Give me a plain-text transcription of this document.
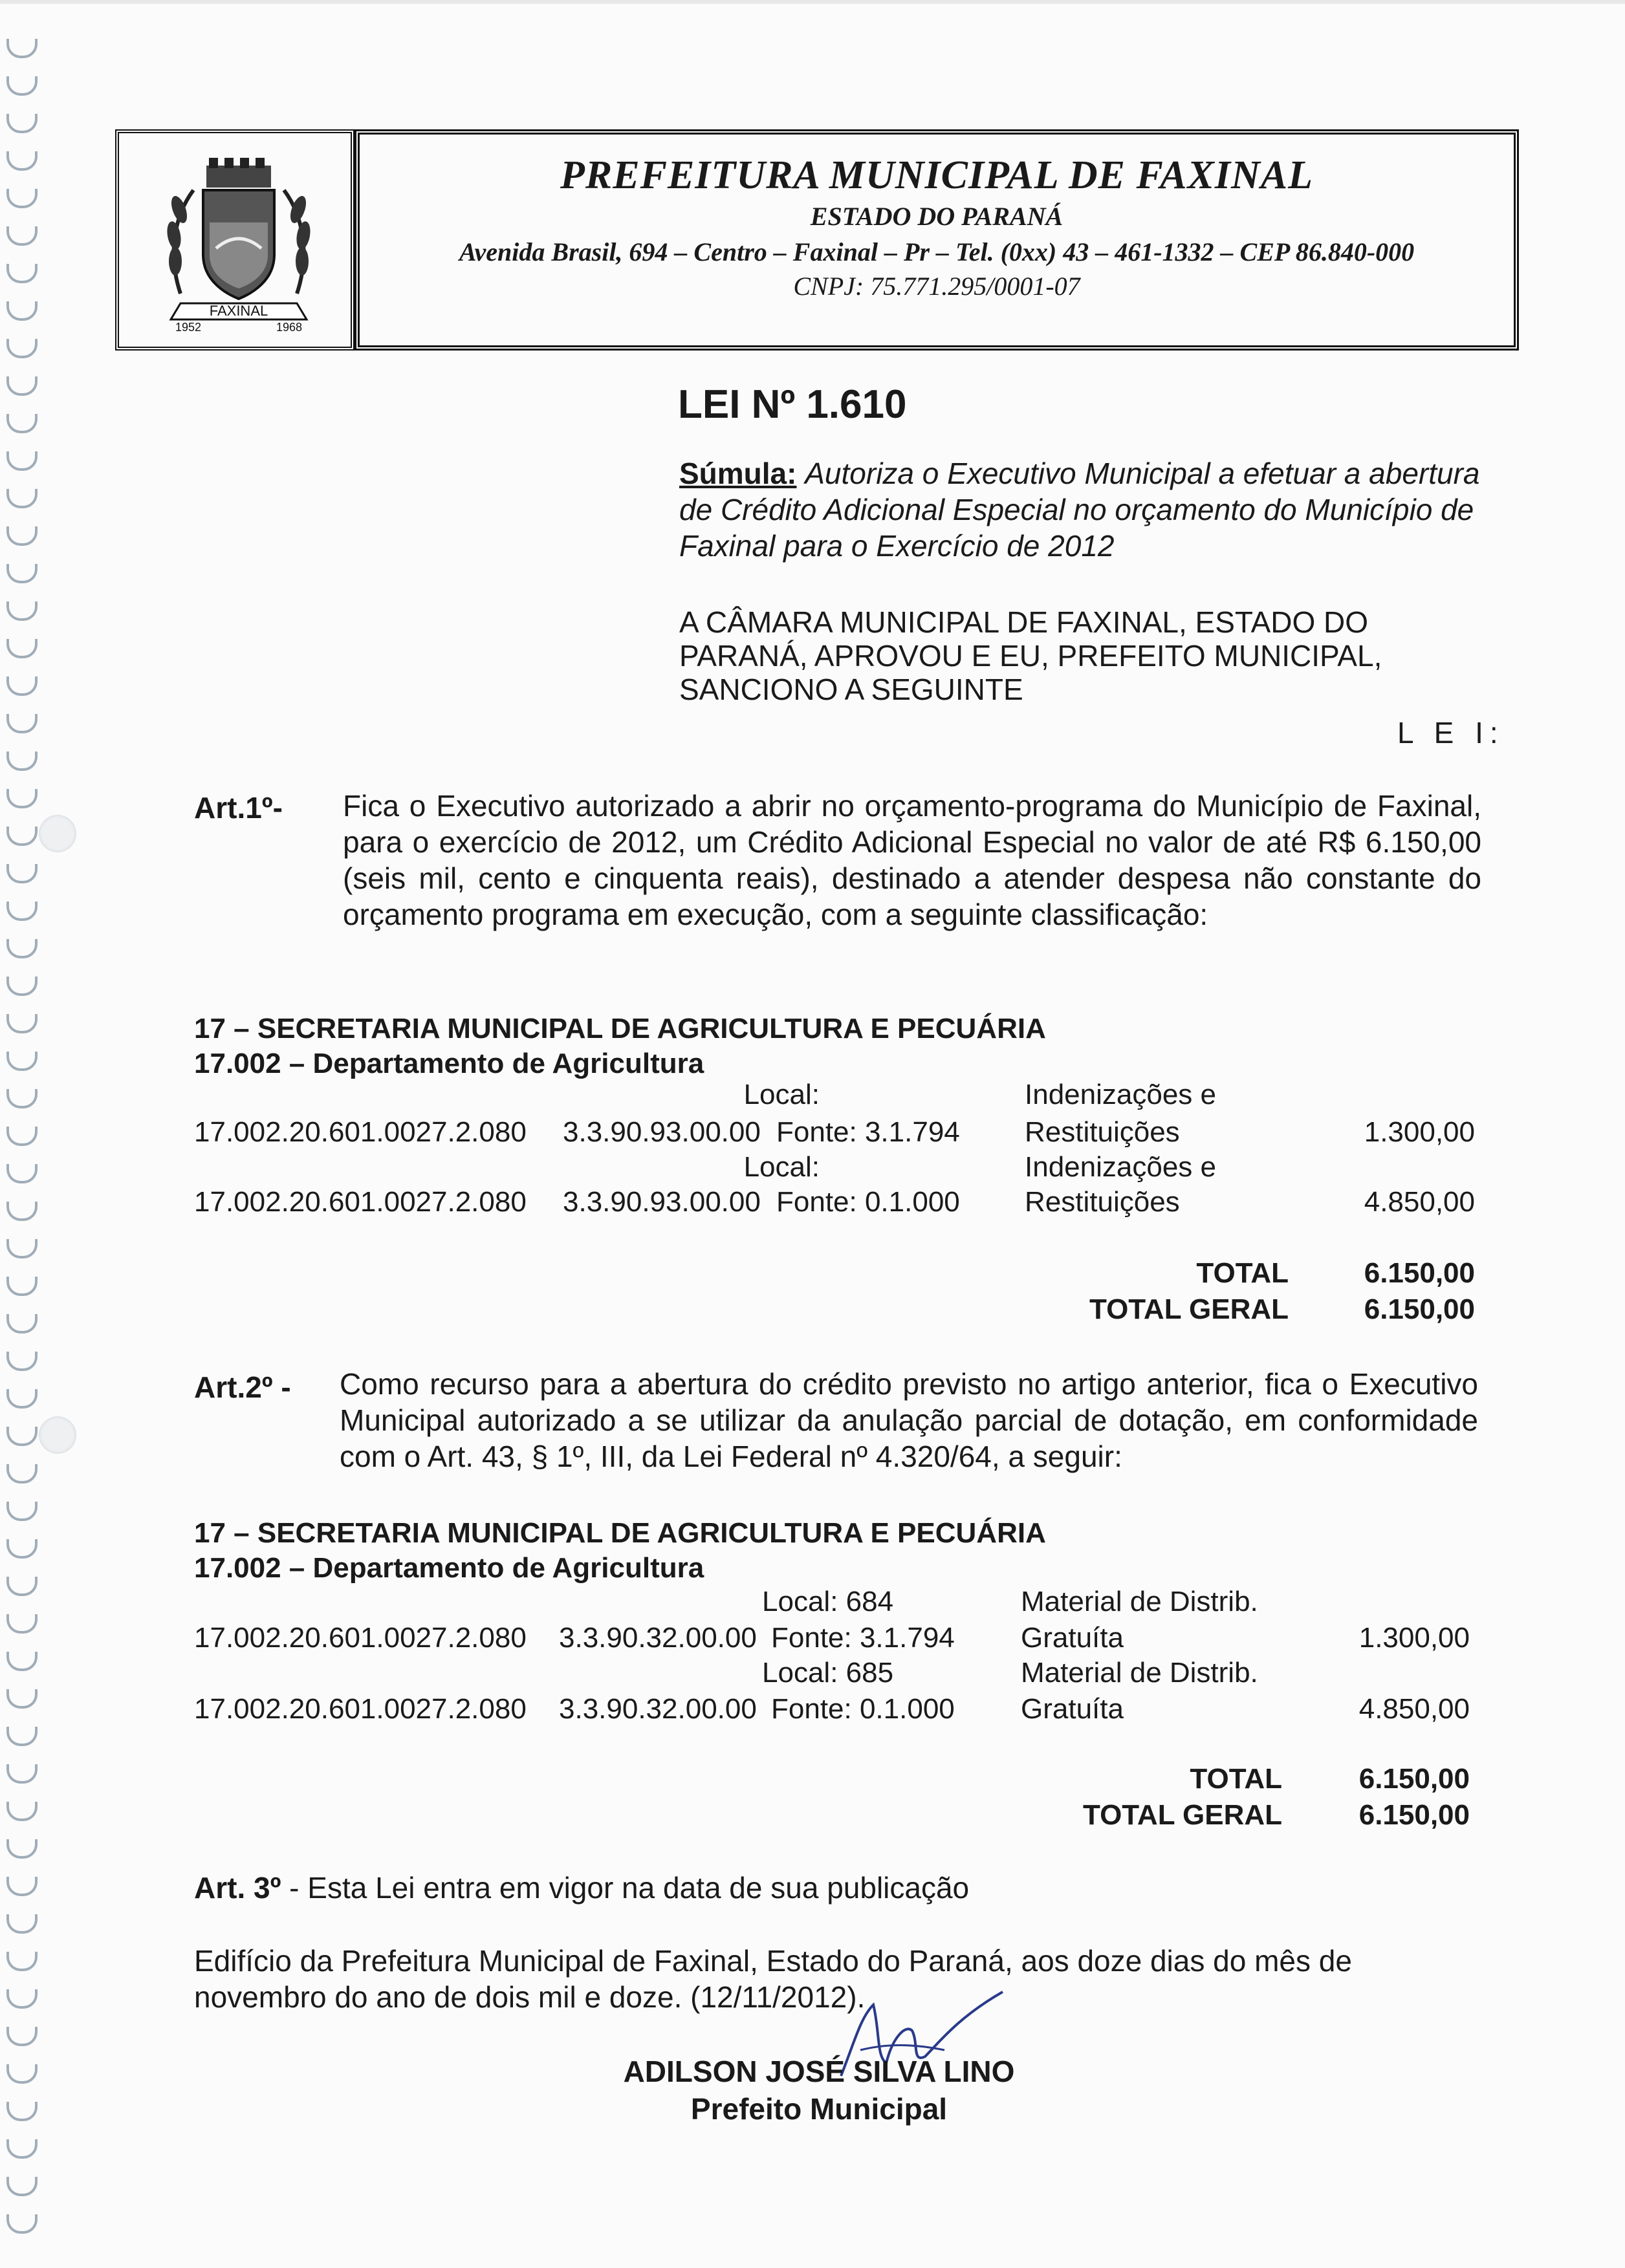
FAXINAL
1952	1968
PREFEITURA MUNICIPAL DE FAXINAL
ESTADO DO PARANÁ
Avenida Brasil, 694 – Centro – Faxinal – Pr – Tel. (0xx) 43 – 461-1332 – CEP 86.840-000
CNPJ: 75.771.295/0001-07
LEI Nº 1.610
Súmula: Autoriza o Executivo Municipal a efetuar a abertura de Crédito Adicional Especial no orçamento do Município de Faxinal para o Exercício de 2012
A CÂMARA MUNICIPAL DE FAXINAL, ESTADO DO PARANÁ, APROVOU E EU, PREFEITO MUNICIPAL, SANCIONO A SEGUINTE
L E I:
Art.1º- Fica o Executivo autorizado a abrir no orçamento-programa do Município de Faxinal, para o exercício de 2012, um Crédito Adicional Especial no valor de até R$ 6.150,00 (seis mil, cento e cinquenta reais), destinado a atender despesa não constante do orçamento programa em execução, com a seguinte classificação:
17 – SECRETARIA MUNICIPAL DE AGRICULTURA E PECUÁRIA
17.002 – Departamento de Agricultura
Local:	Indenizações e
17.002.20.601.0027.2.080 3.3.90.93.00.00 Fonte: 3.1.794 Restituições	1.300,00
Local:	Indenizações e
17.002.20.601.0027.2.080 3.3.90.93.00.00 Fonte: 0.1.000 Restituições	4.850,00
TOTAL	6.150,00
TOTAL GERAL	6.150,00
Art.2º - Como recurso para a abertura do crédito previsto no artigo anterior, fica o Executivo Municipal autorizado a se utilizar da anulação parcial de dotação, em conformidade com o Art. 43, § 1º, III, da Lei Federal nº 4.320/64, a seguir:
17 – SECRETARIA MUNICIPAL DE AGRICULTURA E PECUÁRIA
17.002 – Departamento de Agricultura
Local: 684	Material de Distrib.
17.002.20.601.0027.2.080 3.3.90.32.00.00 Fonte: 3.1.794 Gratuíta	1.300,00
Local: 685	Material de Distrib.
17.002.20.601.0027.2.080 3.3.90.32.00.00 Fonte: 0.1.000 Gratuíta	4.850,00
TOTAL	6.150,00
TOTAL GERAL	6.150,00
Art. 3º - Esta Lei entra em vigor na data de sua publicação
Edifício da Prefeitura Municipal de Faxinal, Estado do Paraná, aos doze dias do mês de novembro do ano de dois mil e doze. (12/11/2012).
ADILSON JOSÉ SILVA LINO
Prefeito Municipal
